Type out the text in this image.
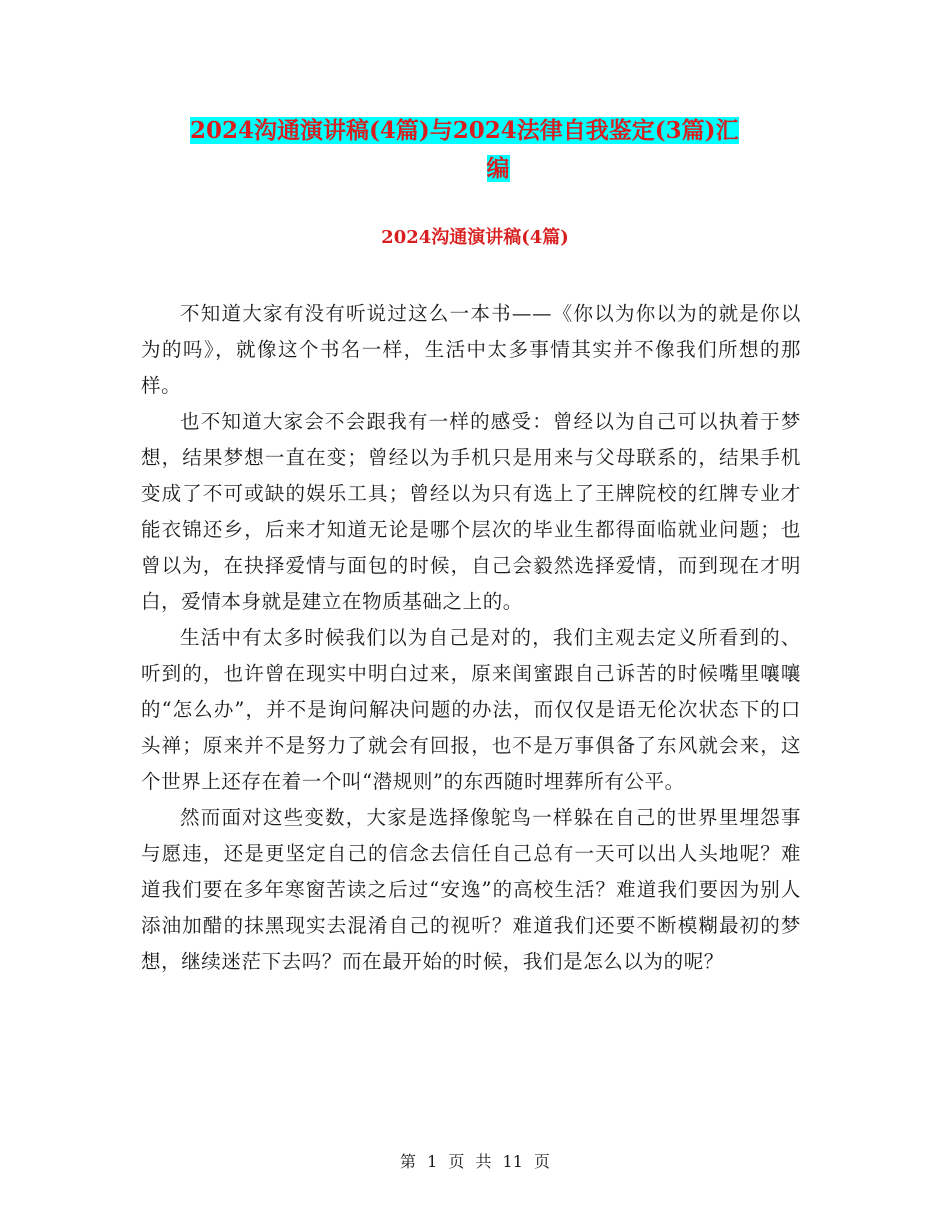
2024沟通演讲稿(4篇)与2024法律自我鉴定(3篇)汇
编
2024沟通演讲稿(4篇)

不知道大家有没有听说过这么一本书——《你以为你以为的就是你以为的吗》，就像这个书名一样，生活中太多事情其实并不像我们所想的那样。

也不知道大家会不会跟我有一样的感受：曾经以为自己可以执着于梦想，结果梦想一直在变；曾经以为手机只是用来与父母联系的，结果手机变成了不可或缺的娱乐工具；曾经以为只有选上了王牌院校的红牌专业才能衣锦还乡，后来才知道无论是哪个层次的毕业生都得面临就业问题；也曾以为，在抉择爱情与面包的时候，自己会毅然选择爱情，而到现在才明白，爱情本身就是建立在物质基础之上的。

生活中有太多时候我们以为自己是对的，我们主观去定义所看到的、听到的，也许曾在现实中明白过来，原来闺蜜跟自己诉苦的时候嘴里嚷嚷的“怎么办”，并不是询问解决问题的办法，而仅仅是语无伦次状态下的口头禅；原来并不是努力了就会有回报，也不是万事俱备了东风就会来，这个世界上还存在着一个叫“潜规则”的东西随时埋葬所有公平。

然而面对这些变数，大家是选择像鸵鸟一样躲在自己的世界里埋怨事与愿违，还是更坚定自己的信念去信任自己总有一天可以出人头地呢？难道我们要在多年寒窗苦读之后过“安逸”的高校生活？难道我们要因为别人添油加醋的抹黑现实去混淆自己的视听？难道我们还要不断模糊最初的梦想，继续迷茫下去吗？而在最开始的时候，我们是怎么以为的呢？

第 1 页 共 11 页
